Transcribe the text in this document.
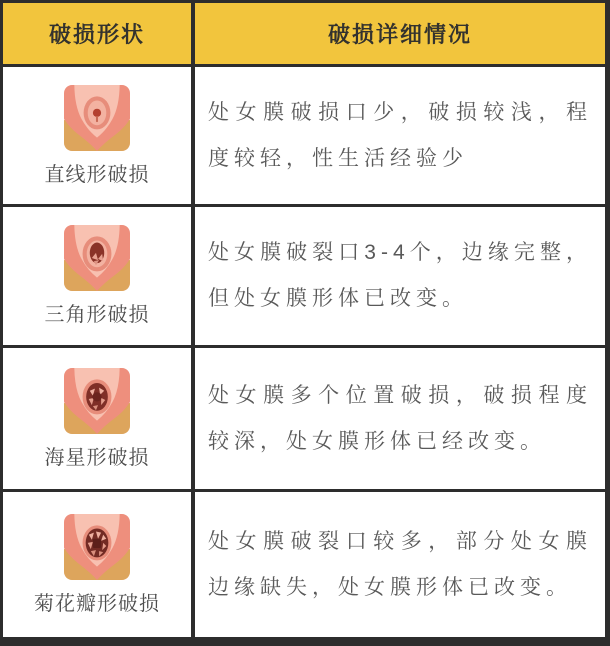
破损形状	破损详细情况
直线形破损

处女膜破损口少，破损较浅，程度较轻，性生活经验少

三角形破损

处女膜破裂口3-4个，边缘完整，但处女膜形体已改变。

海星形破损

处女膜多个位置破损，破损程度较深，处女膜形体已经改变。

菊花瓣形破损

处女膜破裂口较多，部分处女膜边缘缺失，处女膜形体已改变。
